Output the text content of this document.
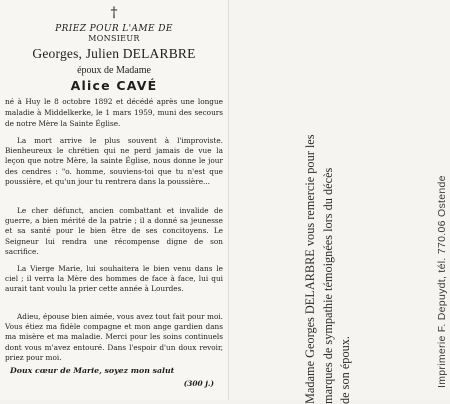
†
PRIEZ POUR L'AME DE
MONSIEUR
Georges, Julien DELARBRE
époux de Madame
Alice CAVÉ
né à Huy le 8 octobre 1892 et décédé après une longue maladie à Middelkerke, le 1 mars 1959, muni des secours de notre Mère la Sainte Église.
La mort arrive le plus souvent à l'improviste. Bienheureux le chrétien qui ne perd jamais de vue la leçon que notre Mère, la sainte Église, nous donne le jour des cendres : "o. homme, souviens-toi que tu n'est que poussière, et qu'un jour tu rentrera dans la poussière...
Le cher défunct, ancien combattant et invalide de guerre, a bien mérité de la patrie ; il a donné sa jeunesse et sa santé pour le bien être de ses concitoyens. Le Seigneur lui rendra une récompense digne de son sacrifice.
La Vierge Marie, lui souhaitera le bien venu dans le ciel ; il verra la Mère des hommes de face à face, lui qui aurait tant voulu la prier cette année à Lourdes.
Adieu, épouse bien aimée, vous avez tout fait pour moi. Vous étiez ma fidèle compagne et mon ange gardien dans ma misère et ma maladie. Merci pour les soins continuels dont vous m'avez entouré. Dans l'espoir d'un doux revoir, priez pour moi.
Doux cœur de Marie, soyez mon salut
(300 j.)	Madame Georges DELARBRE vous remercie pour les marques de sympathie témoignées lors du décès de son époux.	Imprimerie F. Depuydt, tél. 770.06 Ostende
